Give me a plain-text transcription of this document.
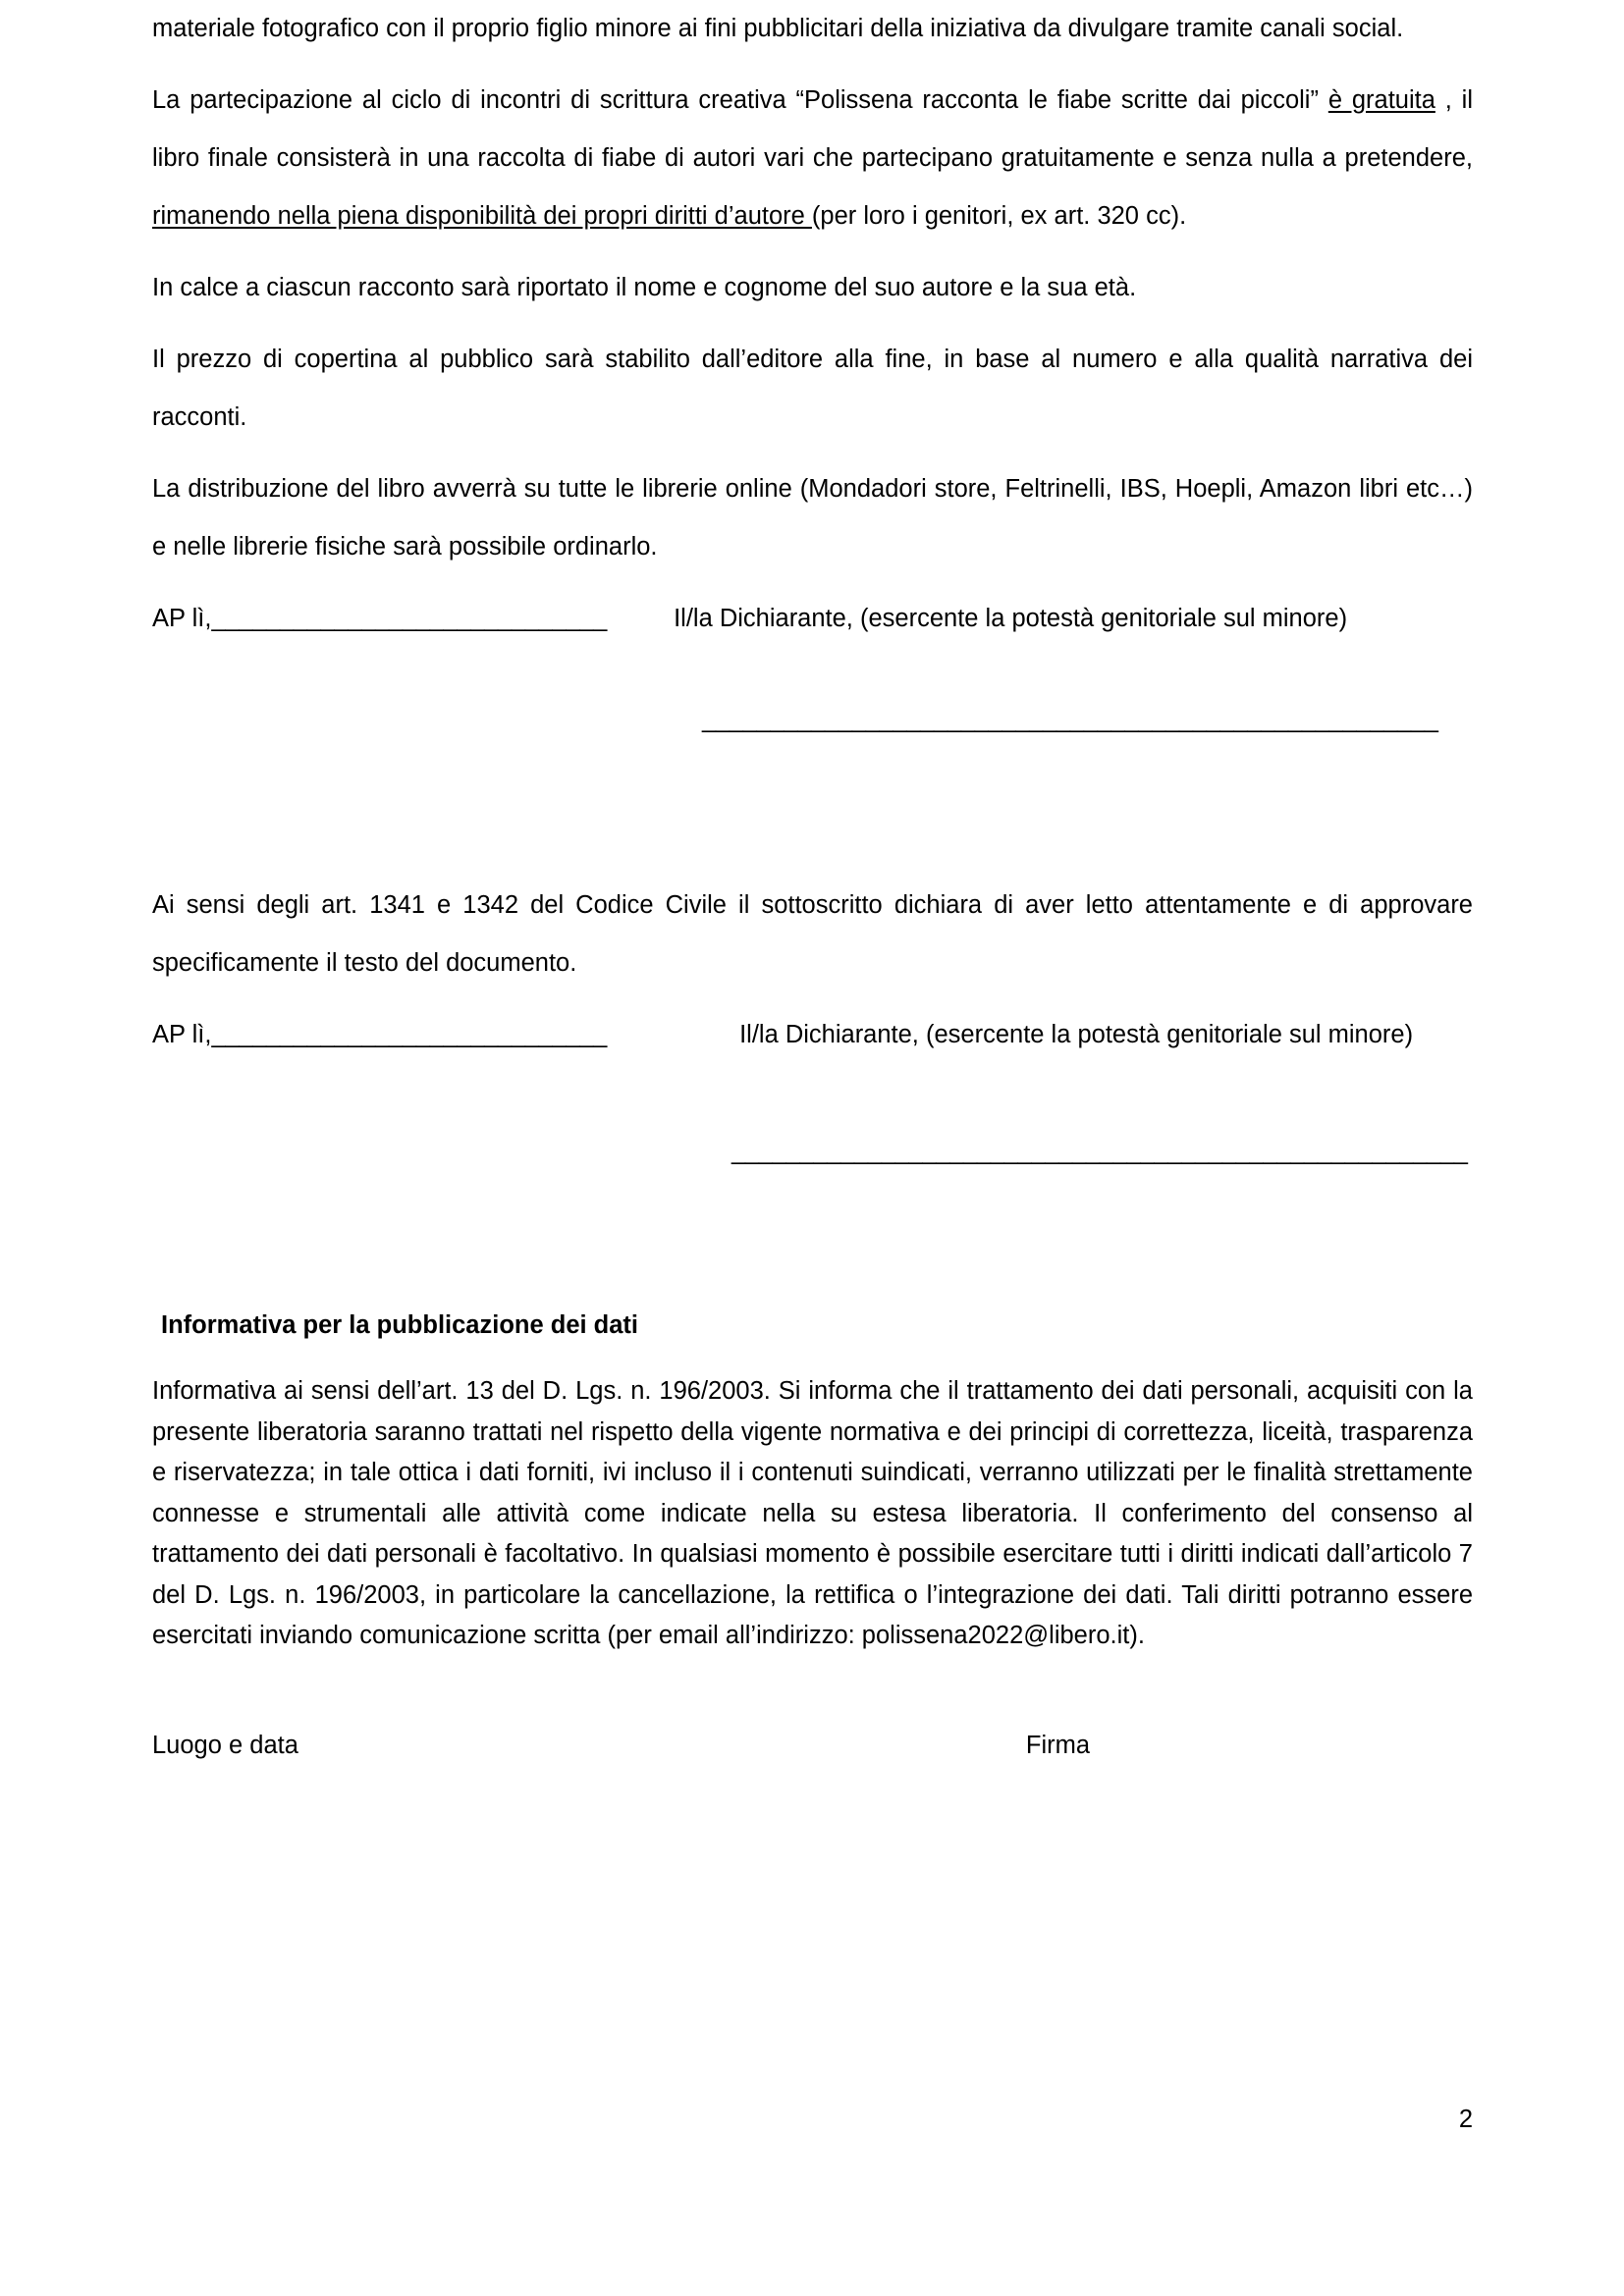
materiale fotografico con il proprio figlio minore ai fini pubblicitari della iniziativa da divulgare tramite canali social.

La partecipazione al ciclo di incontri di scrittura creativa “Polissena racconta le fiabe scritte dai piccoli” è gratuita , il libro finale consisterà in una raccolta di fiabe di autori vari che partecipano gratuitamente e senza nulla a pretendere, rimanendo nella piena disponibilità dei propri diritti d’autore (per loro i genitori, ex art. 320 cc).

In calce a ciascun racconto sarà riportato il nome e cognome del suo autore e la sua età.

Il prezzo di copertina al pubblico sarà stabilito dall’editore alla fine, in base al numero e alla qualità narrativa dei racconti.

La distribuzione del libro avverrà su tutte le librerie online (Mondadori store, Feltrinelli, IBS, Hoepli, Amazon libri etc…) e nelle librerie fisiche sarà possibile ordinarlo.

AP lì,_____________________________	Il/la Dichiarante, (esercente la potestà genitoriale sul minore)
______________________________________________________

Ai sensi degli art. 1341 e 1342 del Codice Civile il sottoscritto dichiara di aver letto attentamente e di approvare specificamente il testo del documento.

AP lì,_____________________________	Il/la Dichiarante, (esercente la potestà genitoriale sul minore)
______________________________________________________

Informativa per la pubblicazione dei dati

Informativa ai sensi dell’art. 13 del D. Lgs. n. 196/2003. Si informa che il trattamento dei dati personali, acquisiti con la presente liberatoria saranno trattati nel rispetto della vigente normativa e dei principi di correttezza, liceità, trasparenza e riservatezza; in tale ottica i dati forniti, ivi incluso il i contenuti suindicati, verranno utilizzati per le finalità strettamente connesse e strumentali alle attività come indicate nella su estesa liberatoria. Il conferimento del consenso al trattamento dei dati personali è facoltativo. In qualsiasi momento è possibile esercitare tutti i diritti indicati dall’articolo 7 del D. Lgs. n. 196/2003, in particolare la cancellazione, la rettifica o l’integrazione dei dati. Tali diritti potranno essere esercitati inviando comunicazione scritta (per email all’indirizzo: polissena2022@libero.it).

Luogo e data	Firma
2
